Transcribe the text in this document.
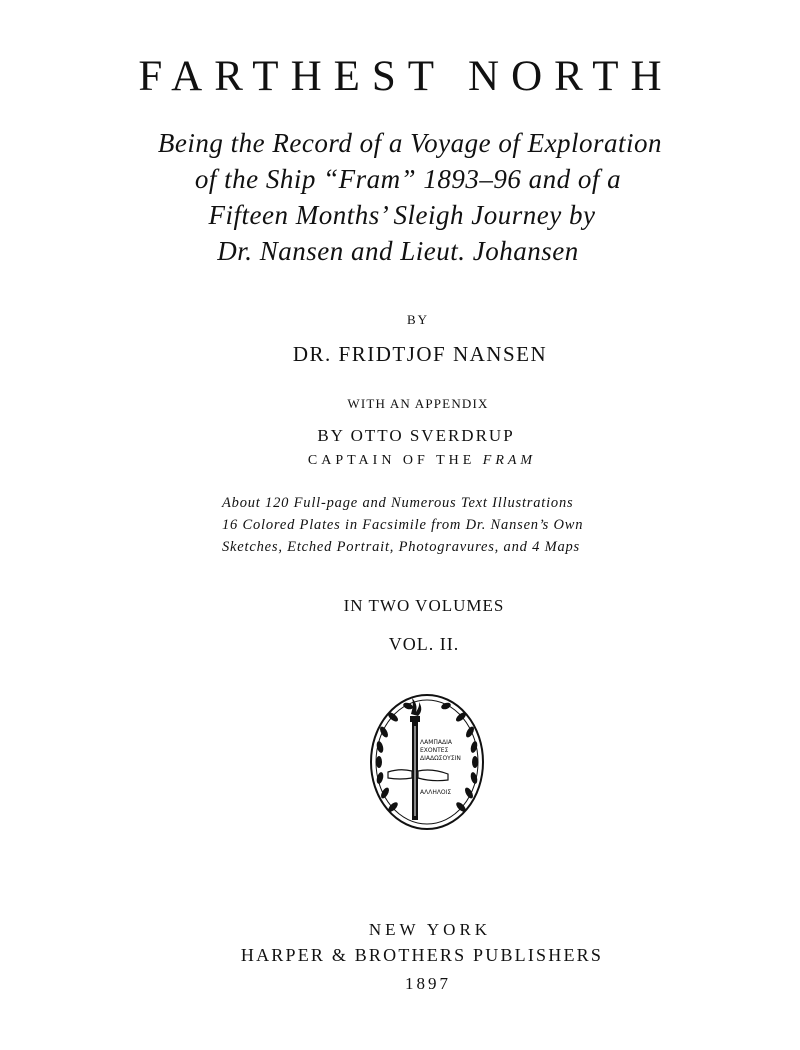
FARTHEST NORTH
Being the Record of a Voyage of Exploration
of the Ship “Fram” 1893–96 and of a
Fifteen Months’ Sleigh Journey by
Dr. Nansen and Lieut. Johansen
BY
DR. FRIDTJOF NANSEN
WITH AN APPENDIX
BY OTTO SVERDRUP
CAPTAIN OF THE FRAM
About 120 Full-page and Numerous Text Illustrations
16 Colored Plates in Facsimile from Dr. Nansen’s Own
Sketches, Etched Portrait, Photogravures, and 4 Maps
IN TWO VOLUMES
VOL. II.
ΛΑΜΠΑΔΙΑ
ΕΧΟΝΤΕΣ
ΔΙΑΔΩΣΟΥΣΙΝ
ΑΛΛΗΛΟΙΣ
NEW YORK
HARPER & BROTHERS PUBLISHERS
1897
